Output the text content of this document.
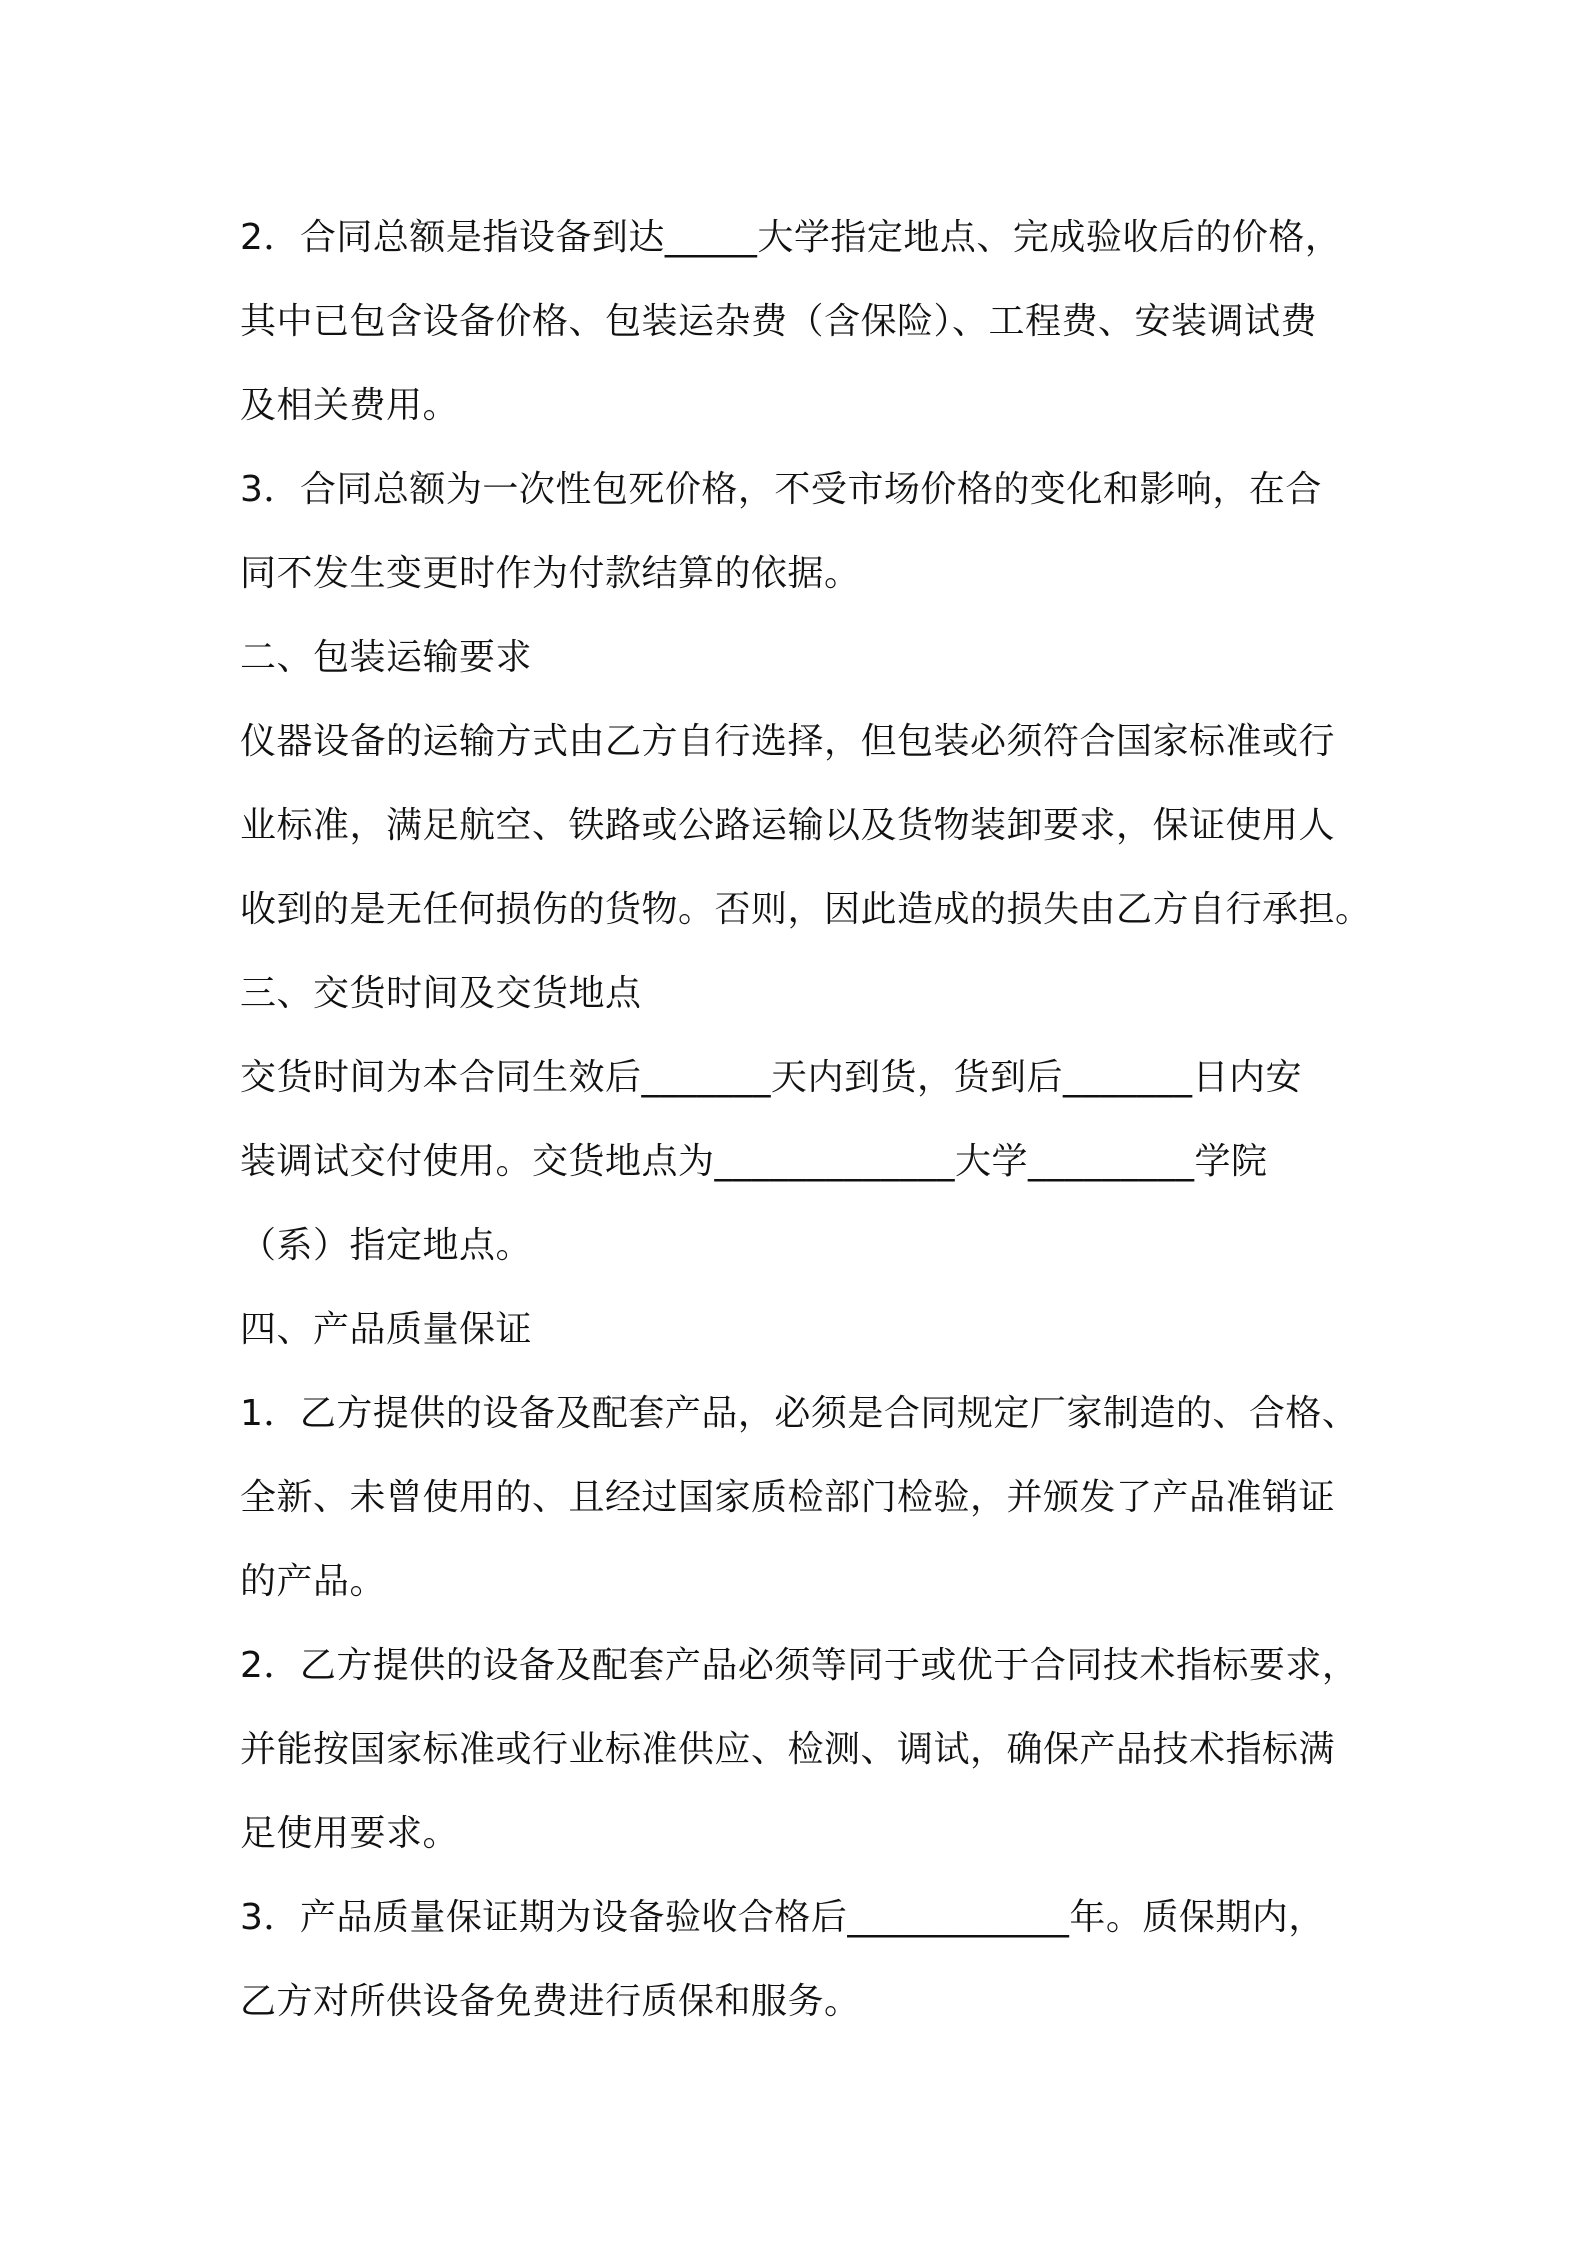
2．合同总额是指设备到达_____大学指定地点、完成验收后的价格，
其中已包含设备价格、包装运杂费（含保险）、工程费、安装调试费
及相关费用。
3．合同总额为一次性包死价格，不受市场价格的变化和影响，在合
同不发生变更时作为付款结算的依据。
二、包装运输要求
仪器设备的运输方式由乙方自行选择，但包装必须符合国家标准或行
业标准，满足航空、铁路或公路运输以及货物装卸要求，保证使用人
收到的是无任何损伤的货物。否则，因此造成的损失由乙方自行承担。
三、交货时间及交货地点
交货时间为本合同生效后_______天内到货，货到后_______日内安
装调试交付使用。交货地点为_____________大学_________学院
（系）指定地点。
四、产品质量保证
1．乙方提供的设备及配套产品，必须是合同规定厂家制造的、合格、
全新、未曾使用的、且经过国家质检部门检验，并颁发了产品准销证
的产品。
2．乙方提供的设备及配套产品必须等同于或优于合同技术指标要求，
并能按国家标准或行业标准供应、检测、调试，确保产品技术指标满
足使用要求。
3．产品质量保证期为设备验收合格后____________年。质保期内，
乙方对所供设备免费进行质保和服务。
